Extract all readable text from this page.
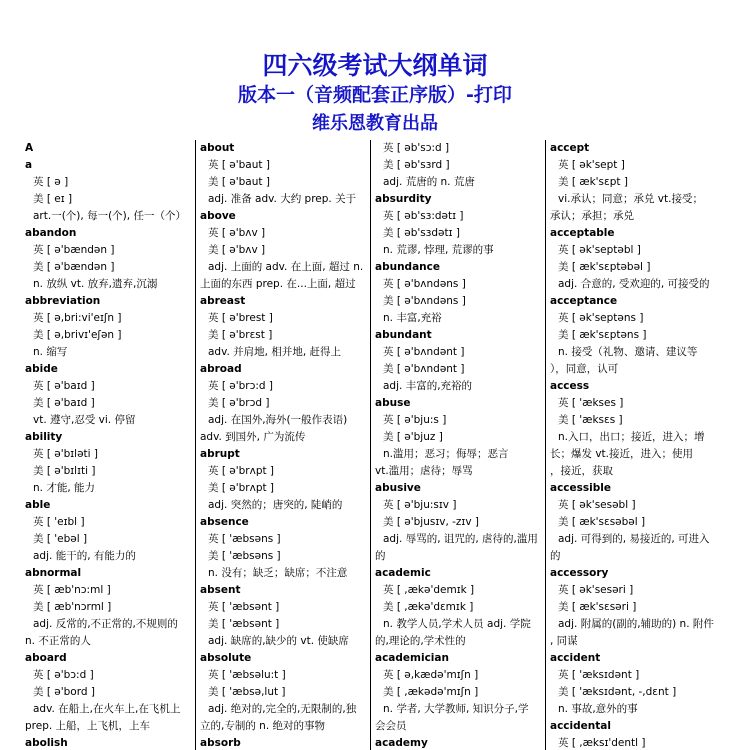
四六级考试大纲单词
版本一（音频配套正序版）-打印
维乐恩教育出品
A
a
英 [ ə ]
美 [ eɪ ]
art.一(个), 每一(个), 任一（个）
abandon
英 [ ə'bændən ]
美 [ ə'bændən ]
n. 放纵 vt. 放弃,遗弃,沉溺
abbreviation
英 [ ə,bri:vi'eɪʃn ]
美 [ ə,brivɪ'eʃən ]
n. 缩写
abide
英 [ ə'baɪd ]
美 [ ə'baɪd ]
vt. 遵守,忍受 vi. 停留
ability
英 [ ə'bɪləti ]
美 [ ə'bɪlɪti ]
n. 才能, 能力
able
英 [ 'eɪbl ]
美 [ 'ebəl ]
adj. 能干的, 有能力的
abnormal
英 [ æb'nɔ:ml ]
美 [ æb'nɔrml ]
adj. 反常的,不正常的,不规则的
n. 不正常的人
aboard
英 [ ə'bɔ:d ]
美 [ ə'bord ]
adv. 在船上,在火车上,在飞机上
prep. 上船，上飞机，上车
abolish
about
英 [ ə'baut ]
美 [ ə'baut ]
adj. 准备 adv. 大约 prep. 关于
above
英 [ ə'bʌv ]
美 [ ə'bʌv ]
adj. 上面的 adv. 在上面, 超过 n.
上面的东西 prep. 在...上面, 超过
abreast
英 [ ə'brest ]
美 [ ə'brɛst ]
adv. 并肩地, 相并地, 赶得上
abroad
英 [ ə'brɔ:d ]
美 [ ə'brɔd ]
adj. 在国外,海外(一般作表语)
adv. 到国外, 广为流传
abrupt
英 [ ə'brʌpt ]
美 [ ə'brʌpt ]
adj. 突然的；唐突的, 陡峭的
absence
英 [ 'æbsəns ]
美 [ 'æbsəns ]
n. 没有；缺乏；缺席；不注意
absent
英 [ 'æbsənt ]
美 [ 'æbsənt ]
adj. 缺席的,缺少的 vt. 使缺席
absolute
英 [ 'æbsəlu:t ]
美 [ 'æbsə,lut ]
adj. 绝对的,完全的,无限制的,独
立的,专制的 n. 绝对的事物
absorb
英 [ əb'sɔ:d ]
美 [ əb'sɜrd ]
adj. 荒唐的 n. 荒唐
absurdity
英 [ əb'sɜ:dətɪ ]
美 [ əb'sɜdətɪ ]
n. 荒谬, 悖理, 荒谬的事
abundance
英 [ ə'bʌndəns ]
美 [ ə'bʌndəns ]
n. 丰富,充裕
abundant
英 [ ə'bʌndənt ]
美 [ ə'bʌndənt ]
adj. 丰富的,充裕的
abuse
英 [ ə'bju:s ]
美 [ ə'bjuz ]
n.滥用；恶习；侮辱；恶言
vt.滥用；虐待；辱骂
abusive
英 [ ə'bju:sɪv ]
美 [ ə'bjusɪv, -zɪv ]
adj. 辱骂的, 诅咒的, 虐待的,滥用
的
academic
英 [ ,ækə'demɪk ]
美 [ ,ækə'dɛmɪk ]
n. 教学人员,学术人员 adj. 学院
的,理论的,学术性的
academician
英 [ ə,kædə'mɪʃn ]
美 [ ,ækədə'mɪʃn ]
n. 学者, 大学教师, 知识分子,学
会会员
academy
accept
英 [ ək'sept ]
美 [ æk'sɛpt ]
vi.承认；同意；承兑 vt.接受；
承认；承担；承兑
acceptable
英 [ ək'septəbl ]
美 [ æk'sɛptəbəl ]
adj. 合意的, 受欢迎的, 可接受的
acceptance
英 [ ək'septəns ]
美 [ æk'sɛptəns ]
n. 接受（礼物、邀请、建议等
），同意，认可
access
英 [ 'ækses ]
美 [ 'æksɛs ]
n.入口，出口；接近，进入；增
长；爆发 vt.接近，进入；使用
，接近，获取
accessible
英 [ ək'sesəbl ]
美 [ æk'sɛsəbəl ]
adj. 可得到的, 易接近的, 可进入
的
accessory
英 [ ək'sesəri ]
美 [ æk'sɛsəri ]
adj. 附属的(副的,辅助的) n. 附件
, 同谋
accident
英 [ 'æksɪdənt ]
美 [ 'æksɪdənt, -,dɛnt ]
n. 事故,意外的事
accidental
英 [ ,æksɪ'dentl ]
